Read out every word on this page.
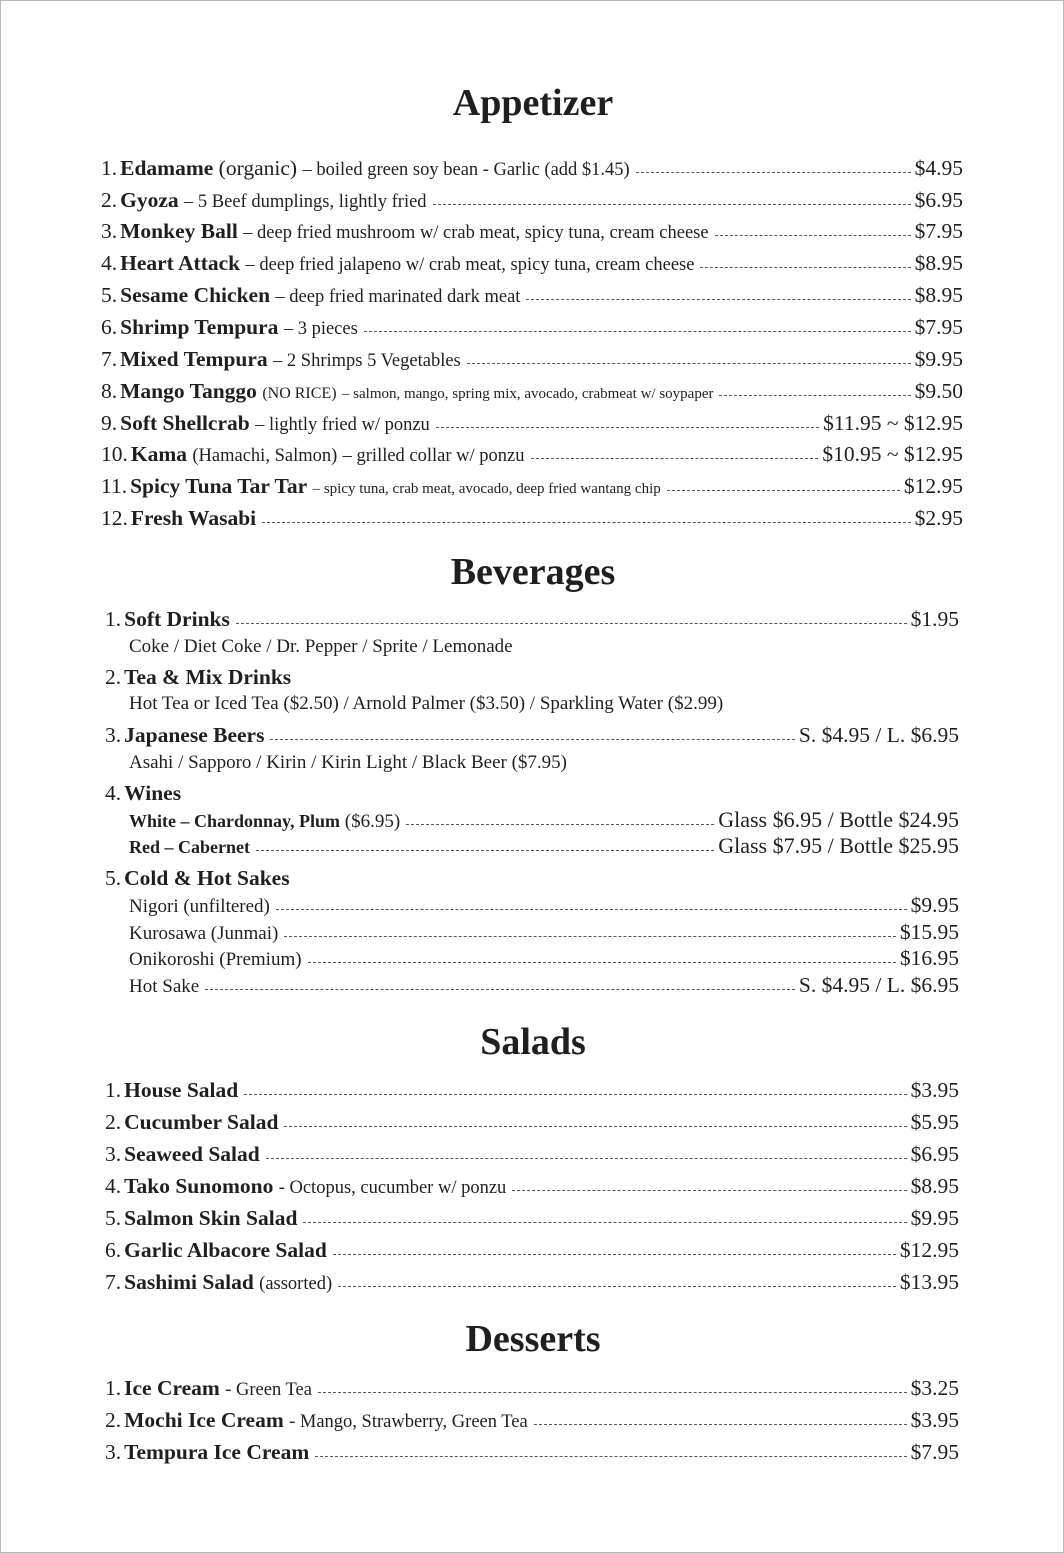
Appetizer
1. Edamame
(organic)
– boiled green soy bean - Garlic (add $1.45)	$4.95
2. Gyoza
– 5 Beef dumplings, lightly fried	$6.95
3. Monkey Ball
– deep fried mushroom w/ crab meat, spicy tuna, cream cheese	$7.95
4. Heart Attack
– deep fried jalapeno w/ crab meat, spicy tuna, cream cheese	$8.95
5. Sesame Chicken
– deep fried marinated dark meat	$8.95
6. Shrimp Tempura
– 3 pieces	$7.95
7. Mixed Tempura
– 2 Shrimps 5 Vegetables	$9.95
8. Mango Tanggo
(NO RICE)
– salmon, mango, spring mix, avocado, crabmeat w/ soypaper	$9.50
9. Soft Shellcrab
– lightly fried w/ ponzu	$11.95 ~ $12.95
10. Kama
(Hamachi, Salmon)
– grilled collar w/ ponzu	$10.95 ~ $12.95
11. Spicy Tuna Tar Tar
– spicy tuna, crab meat, avocado, deep fried wantang chip	$12.95
12. Fresh Wasabi	$2.95
Beverages
1. Soft Drinks	$1.95
Coke / Diet Coke / Dr. Pepper / Sprite / Lemonade
2. Tea & Mix Drinks
Hot Tea or Iced Tea ($2.50) / Arnold Palmer ($3.50) / Sparkling Water ($2.99)
3. Japanese Beers	S. $4.95 / L. $6.95
Asahi / Sapporo / Kirin / Kirin Light / Black Beer ($7.95)
4. Wines
White – Chardonnay, Plum
($6.95)	Glass $6.95 / Bottle $24.95
Red – Cabernet	Glass $7.95 / Bottle $25.95
5. Cold & Hot Sakes
Nigori (unfiltered)	$9.95
Kurosawa (Junmai)	$15.95
Onikoroshi (Premium)	$16.95
Hot Sake	S. $4.95 / L. $6.95
Salads
1. House Salad	$3.95
2. Cucumber Salad	$5.95
3. Seaweed Salad	$6.95
4. Tako Sunomono
- Octopus, cucumber w/ ponzu	$8.95
5. Salmon Skin Salad	$9.95
6. Garlic Albacore Salad	$12.95
7. Sashimi Salad
(assorted)	$13.95
Desserts
1. Ice Cream
- Green Tea	$3.25
2. Mochi Ice Cream
- Mango, Strawberry, Green Tea	$3.95
3. Tempura Ice Cream	$7.95
